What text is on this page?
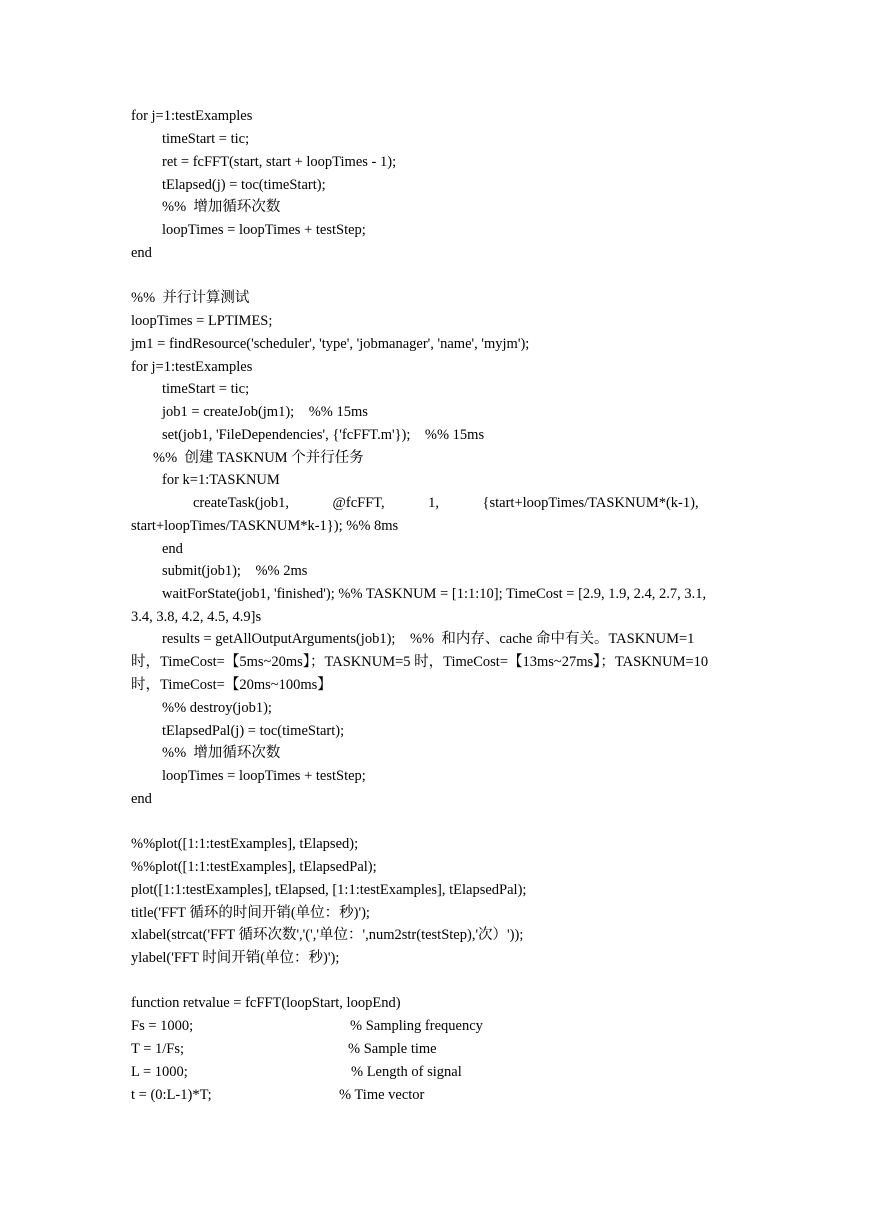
for j=1:testExamples
timeStart = tic;
ret = fcFFT(start, start + loopTimes - 1);
tElapsed(j) = toc(timeStart);
%%  增加循环次数
loopTimes = loopTimes + testStep;
end
%%  并行计算测试
loopTimes = LPTIMES;
jm1 = findResource('scheduler', 'type', 'jobmanager', 'name', 'myjm');
for j=1:testExamples
timeStart = tic;
job1 = createJob(jm1);    %% 15ms
set(job1, 'FileDependencies', {'fcFFT.m'});    %% 15ms
%%  创建 TASKNUM 个并行任务
for k=1:TASKNUM
createTask(job1,            @fcFFT,            1,            {start+loopTimes/TASKNUM*(k-1),
start+loopTimes/TASKNUM*k-1}); %% 8ms
end
submit(job1);    %% 2ms
waitForState(job1, 'finished'); %% TASKNUM = [1:1:10]; TimeCost = [2.9, 1.9, 2.4, 2.7, 3.1,
3.4, 3.8, 4.2, 4.5, 4.9]s
results = getAllOutputArguments(job1);    %%  和内存、cache 命中有关。TASKNUM=1
时，TimeCost=【5ms~20ms】；TASKNUM=5 时，TimeCost=【13ms~27ms】；TASKNUM=10
时，TimeCost=【20ms~100ms】
%% destroy(job1);
tElapsedPal(j) = toc(timeStart);
%%  增加循环次数
loopTimes = loopTimes + testStep;
end
%%plot([1:1:testExamples], tElapsed);
%%plot([1:1:testExamples], tElapsedPal);
plot([1:1:testExamples], tElapsed, [1:1:testExamples], tElapsedPal);
title('FFT 循环的时间开销(单位：秒)');
xlabel(strcat('FFT 循环次数','(','单位：',num2str(testStep),'次）'));
ylabel('FFT 时间开销(单位：秒)');
function retvalue = fcFFT(loopStart, loopEnd)
Fs = 1000;	% Sampling frequency
T = 1/Fs;	% Sample time
L = 1000;	% Length of signal
t = (0:L-1)*T;	% Time vector
